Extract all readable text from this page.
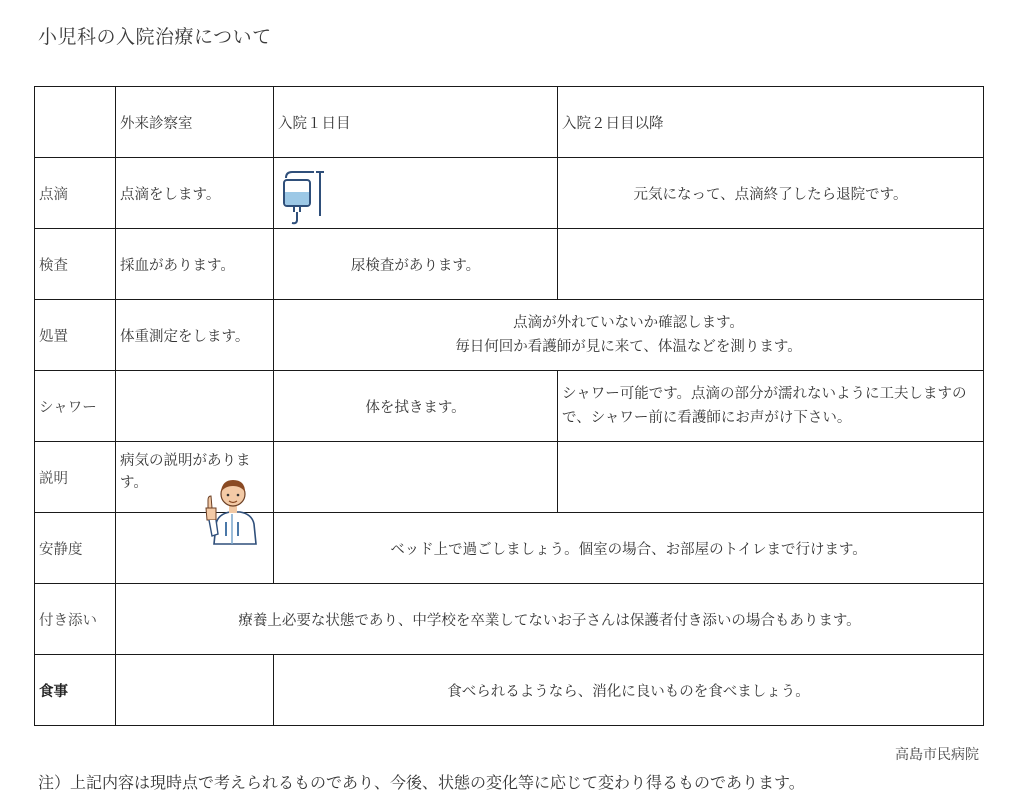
小児科の入院治療について
	外来診察室	入院１日目	入院２日目以降
点滴	点滴をします。		元気になって、点滴終了したら退院です。
検査	採血があります。	尿検査があります。	
処置	体重測定をします。	点滴が外れていないか確認します。
毎日何回か看護師が見に来て、体温などを測ります。	

シャワー		体を拭きます。	シャワー可能です。点滴の部分が濡れないように工夫しますので、シャワー前に看護師にお声がけ下さい。
説明	病気の説明があります。

安静度		ベッド上で過ごしましょう。個室の場合、お部屋のトイレまで行けます。	
付き添い	療養上必要な状態であり、中学校を卒業してないお子さんは保護者付き添いの場合もあります。		
食事		食べられるようなら、消化に良いものを食べましょう。	
高島市民病院
注）上記内容は現時点で考えられるものであり、今後、状態の変化等に応じて変わり得るものであります。
